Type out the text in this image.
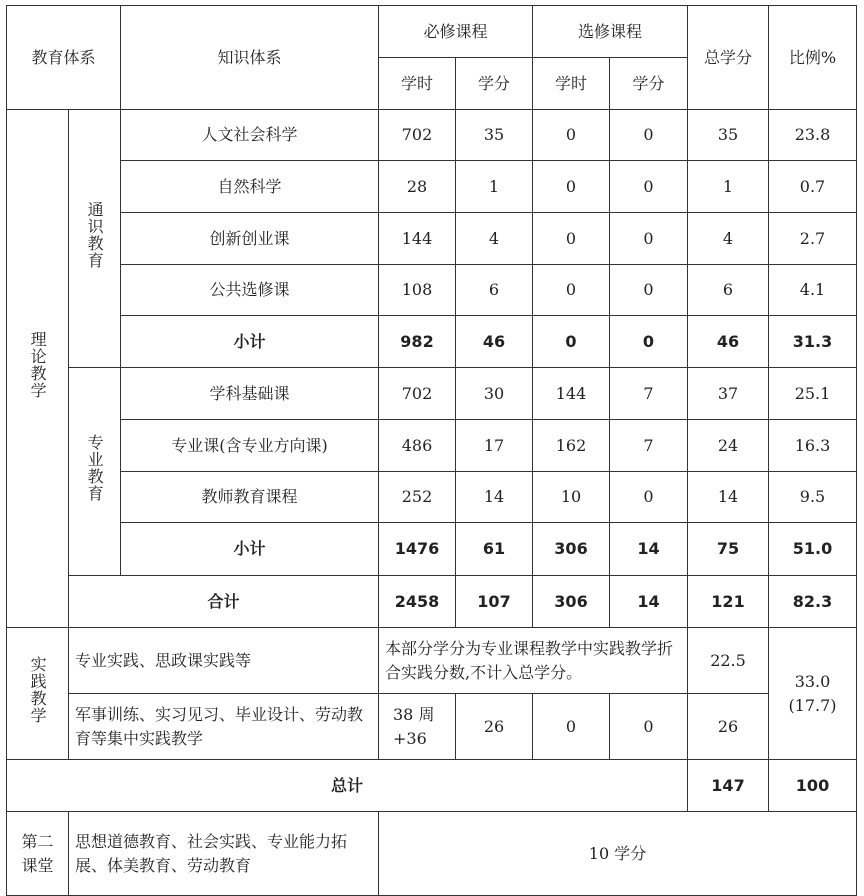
教育体系		知识体系	必修课程		选修课程		总学分	比例%
			学时	学分	学时	学分		
理论教学	通识教育	人文社会科学	702	35	0	0	35	23.8
		自然科学	28	1	0	0	1	0.7
		创新创业课	144	4	0	0	4	2.7
		公共选修课	108	6	0	0	6	4.1
		小计	982	46	0	0	46	31.3
	专业教育	学科基础课	702	30	144	7	37	25.1
		专业课(含专业方向课)	486	17	162	7	24	16.3
		教师教育课程	252	14	10	0	14	9.5
		小计	1476	61	306	14	75	51.0
	合计		2458	107	306	14	121	82.3
实践教学	专业实践、思政课实践等		本部分学分为专业课程教学中实践教学折合实践分数,不计入总学分。				22.5	33.0
(17.7)
	军事训练、实习见习、毕业设计、劳动教育等集中实践教学		38 周 +36	26	0	0	26	
总计							147	100
第二课堂	思想道德教育、社会实践、专业能力拓展、体美教育、劳动教育		10 学分					
